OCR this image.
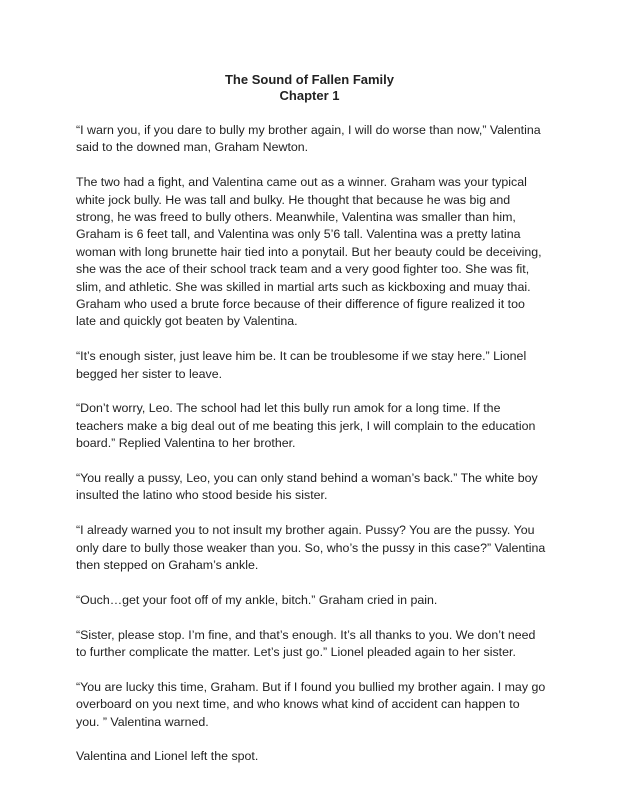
The Sound of Fallen Family
Chapter 1

“I warn you, if you dare to bully my brother again, I will do worse than now,” Valentina said to the downed man, Graham Newton.

The two had a fight, and Valentina came out as a winner. Graham was your typical white jock bully. He was tall and bulky. He thought that because he was big and strong, he was freed to bully others. Meanwhile, Valentina was smaller than him, Graham is 6 feet tall, and Valentina was only 5’6 tall. Valentina was a pretty latina woman with long brunette hair tied into a ponytail. But her beauty could be deceiving, she was the ace of their school track team and a very good fighter too. She was fit, slim, and athletic. She was skilled in martial arts such as kickboxing and muay thai. Graham who used a brute force because of their difference of figure realized it too late and quickly got beaten by Valentina.

“It’s enough sister, just leave him be. It can be troublesome if we stay here.” Lionel begged her sister to leave.

“Don’t worry, Leo. The school had let this bully run amok for a long time. If the teachers make a big deal out of me beating this jerk, I will complain to the education board.” Replied Valentina to her brother.

“You really a pussy, Leo, you can only stand behind a woman’s back.” The white boy insulted the latino who stood beside his sister.

“I already warned you to not insult my brother again. Pussy? You are the pussy. You only dare to bully those weaker than you. So, who’s the pussy in this case?” Valentina then stepped on Graham’s ankle.

“Ouch…get your foot off of my ankle, bitch.” Graham cried in pain.

“Sister, please stop. I’m fine, and that’s enough. It’s all thanks to you. We don’t need to further complicate the matter. Let’s just go.” Lionel pleaded again to her sister.

“You are lucky this time, Graham. But if I found you bullied my brother again. I may go overboard on you next time, and who knows what kind of accident can happen to you. ” Valentina warned.

Valentina and Lionel left the spot.
